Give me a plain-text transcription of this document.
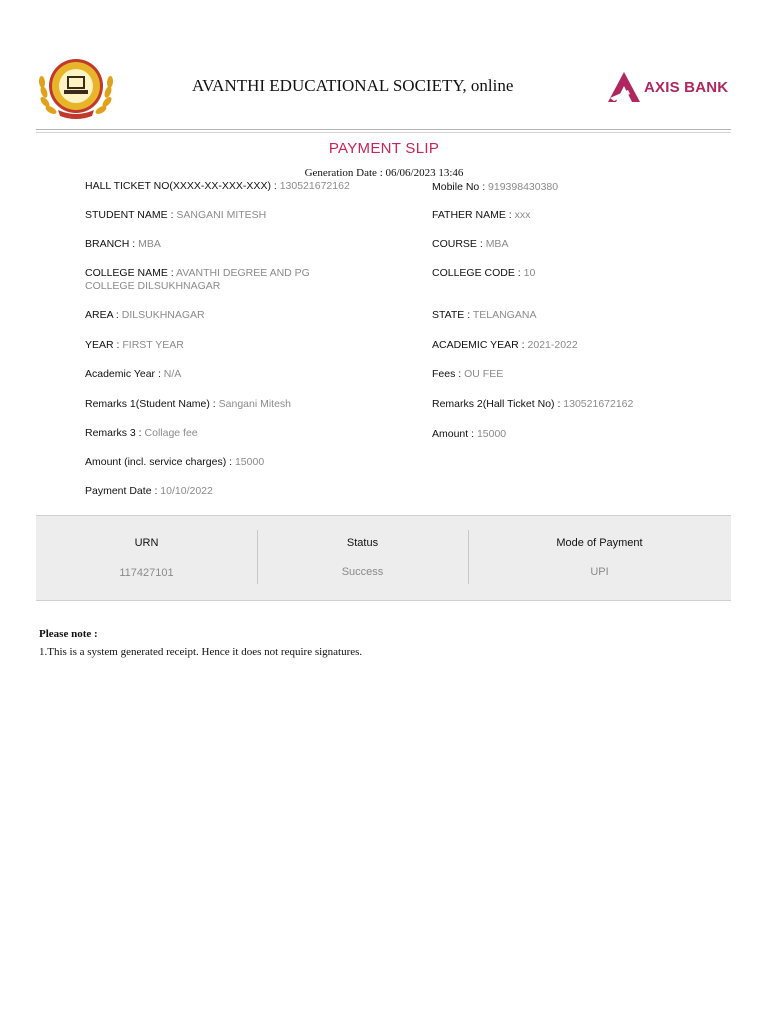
AVANTHI EDUCATIONAL SOCIETY, online	AXIS BANK
PAYMENT SLIP
Generation Date : 06/06/2023 13:46
HALL TICKET NO(XXXX-XX-XXX-XXX) : 130521672162
STUDENT NAME : SANGANI MITESH
BRANCH : MBA
COLLEGE NAME : AVANTHI DEGREE AND PG COLLEGE DILSUKHNAGAR
AREA : DILSUKHNAGAR
YEAR : FIRST YEAR
Academic Year : N/A
Remarks 1(Student Name) : Sangani Mitesh
Remarks 3 : Collage fee
Amount (incl. service charges) : 15000
Payment Date : 10/10/2022
Mobile No : 919398430380
FATHER NAME : xxx
COURSE : MBA
COLLEGE CODE : 10
STATE : TELANGANA
ACADEMIC YEAR : 2021-2022
Fees : OU FEE
Remarks 2(Hall Ticket No) : 130521672162
Amount : 15000
URN
117427101
Status
Success
Mode of Payment
UPI
Please note :
1.This is a system generated receipt. Hence it does not require signatures.
